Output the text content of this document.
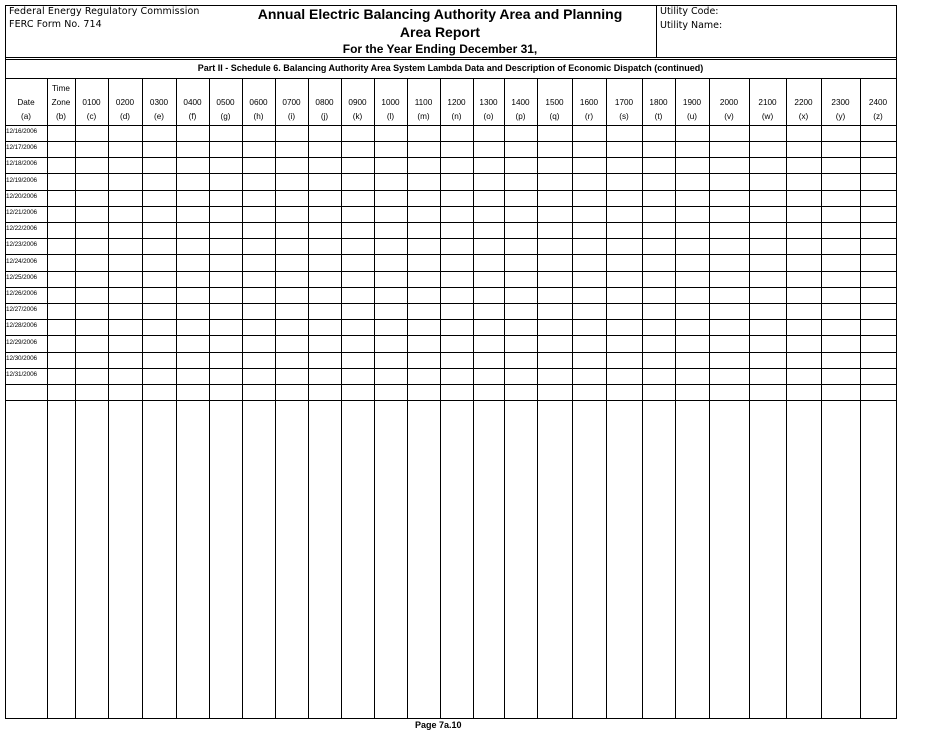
Federal Energy Regulatory Commission
FERC Form No. 714
Annual Electric Balancing Authority Area and Planning
Area Report
For the Year Ending December 31,
Utility Code:
Utility Name:
Part II - Schedule 6. Balancing Authority Area System Lambda Data and Description of Economic Dispatch (continued)
Date
(a)
Time
Zone
(b)
0100
(c)
0200
(d)
0300
(e)
0400
(f)
0500
(g)
0600
(h)
0700
(i)
0800
(j)
0900
(k)
1000
(l)
1100
(m)
1200
(n)
1300
(o)
1400
(p)
1500
(q)
1600
(r)
1700
(s)
1800
(t)
1900
(u)
2000
(v)
2100
(w)
2200
(x)
2300
(y)
2400
(z)
12/16/2006
12/17/2006
12/18/2006
12/19/2006
12/20/2006
12/21/2006
12/22/2006
12/23/2006
12/24/2006
12/25/2006
12/26/2006
12/27/2006
12/28/2006
12/29/2006
12/30/2006
12/31/2006
Page 7a.10
